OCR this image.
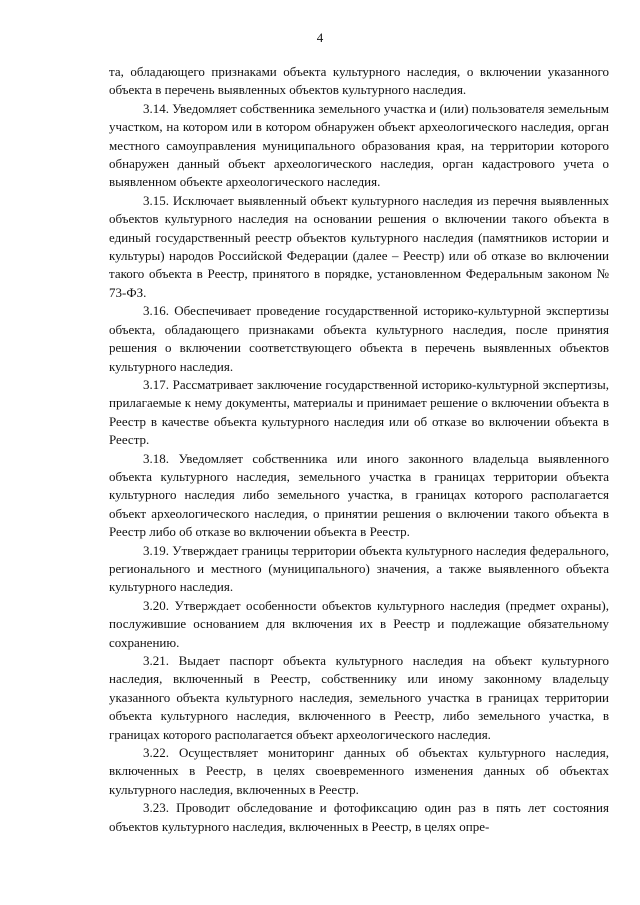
4

та, обладающего признаками объекта культурного наследия, о включении указанного объекта в перечень выявленных объектов культурного наследия.

3.14. Уведомляет собственника земельного участка и (или) пользователя земельным участком, на котором или в котором обнаружен объект археологического наследия, орган местного самоуправления муниципального образования края, на территории которого обнаружен данный объект археологического наследия, орган кадастрового учета о выявленном объекте археологического наследия.

3.15. Исключает выявленный объект культурного наследия из перечня выявленных объектов культурного наследия на основании решения о включении такого объекта в единый государственный реестр объектов культурного наследия (памятников истории и культуры) народов Российской Федерации (далее – Реестр) или об отказе во включении такого объекта в Реестр, принятого в порядке, установленном Федеральным законом № 73-ФЗ.

3.16. Обеспечивает проведение государственной историко-культурной экспертизы объекта, обладающего признаками объекта культурного наследия, после принятия решения о включении соответствующего объекта в перечень выявленных объектов культурного наследия.

3.17. Рассматривает заключение государственной историко-культурной экспертизы, прилагаемые к нему документы, материалы и принимает решение о включении объекта в Реестр в качестве объекта культурного наследия или об отказе во включении объекта в Реестр.

3.18. Уведомляет собственника или иного законного владельца выявленного объекта культурного наследия, земельного участка в границах территории объекта культурного наследия либо земельного участка, в границах которого располагается объект археологического наследия, о принятии решения о включении такого объекта в Реестр либо об отказе во включении объекта в Реестр.

3.19. Утверждает границы территории объекта культурного наследия федерального, регионального и местного (муниципального) значения, а также выявленного объекта культурного наследия.

3.20. Утверждает особенности объектов культурного наследия (предмет охраны), послужившие основанием для включения их в Реестр и подлежащие обязательному сохранению.

3.21. Выдает паспорт объекта культурного наследия на объект культурного наследия, включенный в Реестр, собственнику или иному законному владельцу указанного объекта культурного наследия, земельного участка в границах территории объекта культурного наследия, включенного в Реестр, либо земельного участка, в границах которого располагается объект археологического наследия.

3.22. Осуществляет мониторинг данных об объектах культурного наследия, включенных в Реестр, в целях своевременного изменения данных об объектах культурного наследия, включенных в Реестр.

3.23. Проводит обследование и фотофиксацию один раз в пять лет состояния объектов культурного наследия, включенных в Реестр, в целях опре-
